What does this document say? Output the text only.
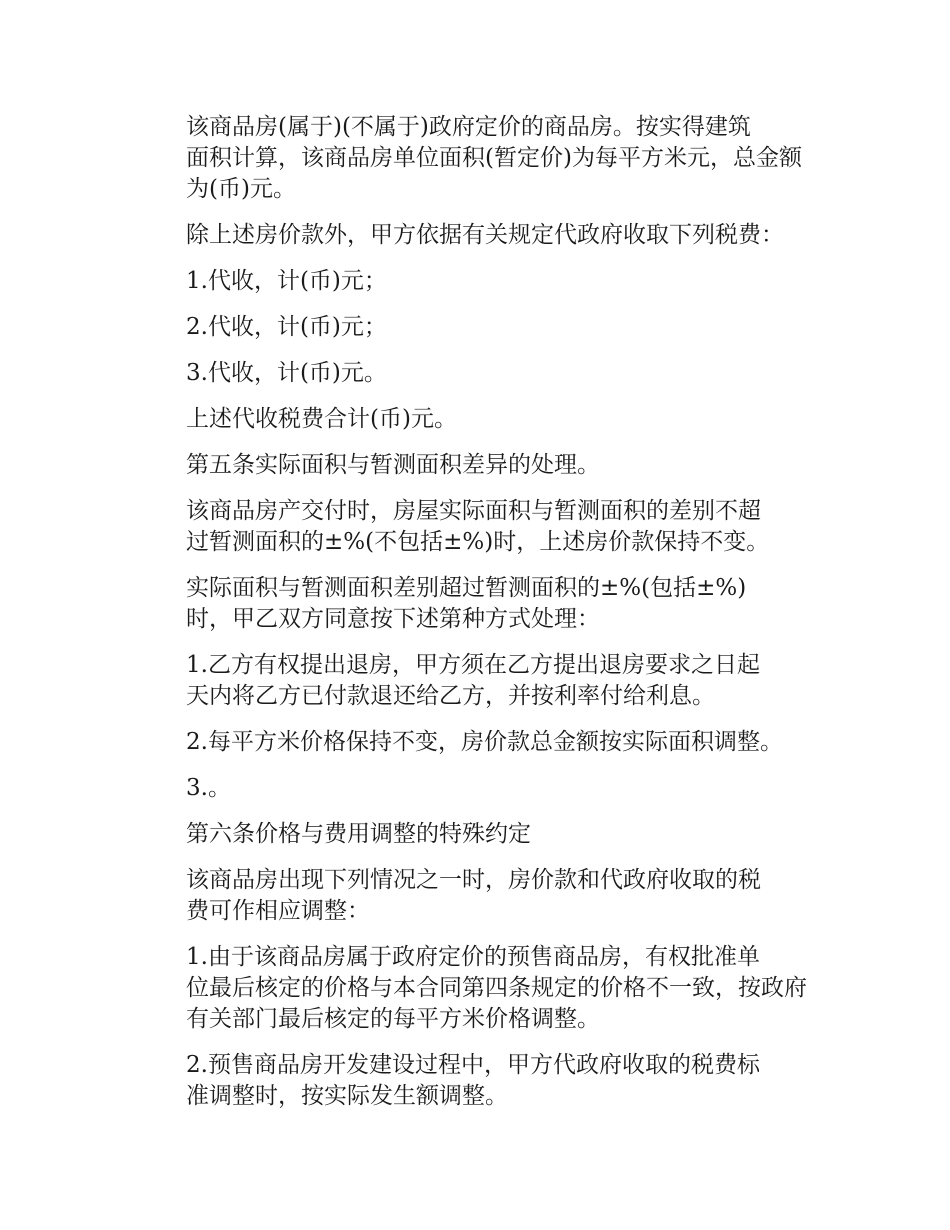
该商品房(属于)(不属于)政府定价的商品房。按实得建筑
面积计算，该商品房单位面积(暂定价)为每平方米元，总金额
为(币)元。

除上述房价款外，甲方依据有关规定代政府收取下列税费：

1.代收，计(币)元；

2.代收，计(币)元；

3.代收，计(币)元。

上述代收税费合计(币)元。

第五条实际面积与暂测面积差异的处理。

该商品房产交付时，房屋实际面积与暂测面积的差别不超
过暂测面积的±%(不包括±%)时，上述房价款保持不变。

实际面积与暂测面积差别超过暂测面积的±%(包括±%)
时，甲乙双方同意按下述第种方式处理：

1.乙方有权提出退房，甲方须在乙方提出退房要求之日起
天内将乙方已付款退还给乙方，并按利率付给利息。

2.每平方米价格保持不变，房价款总金额按实际面积调整。

3.。

第六条价格与费用调整的特殊约定

该商品房出现下列情况之一时，房价款和代政府收取的税
费可作相应调整：

1.由于该商品房属于政府定价的预售商品房，有权批准单
位最后核定的价格与本合同第四条规定的价格不一致，按政府
有关部门最后核定的每平方米价格调整。

2.预售商品房开发建设过程中，甲方代政府收取的税费标
准调整时，按实际发生额调整。
